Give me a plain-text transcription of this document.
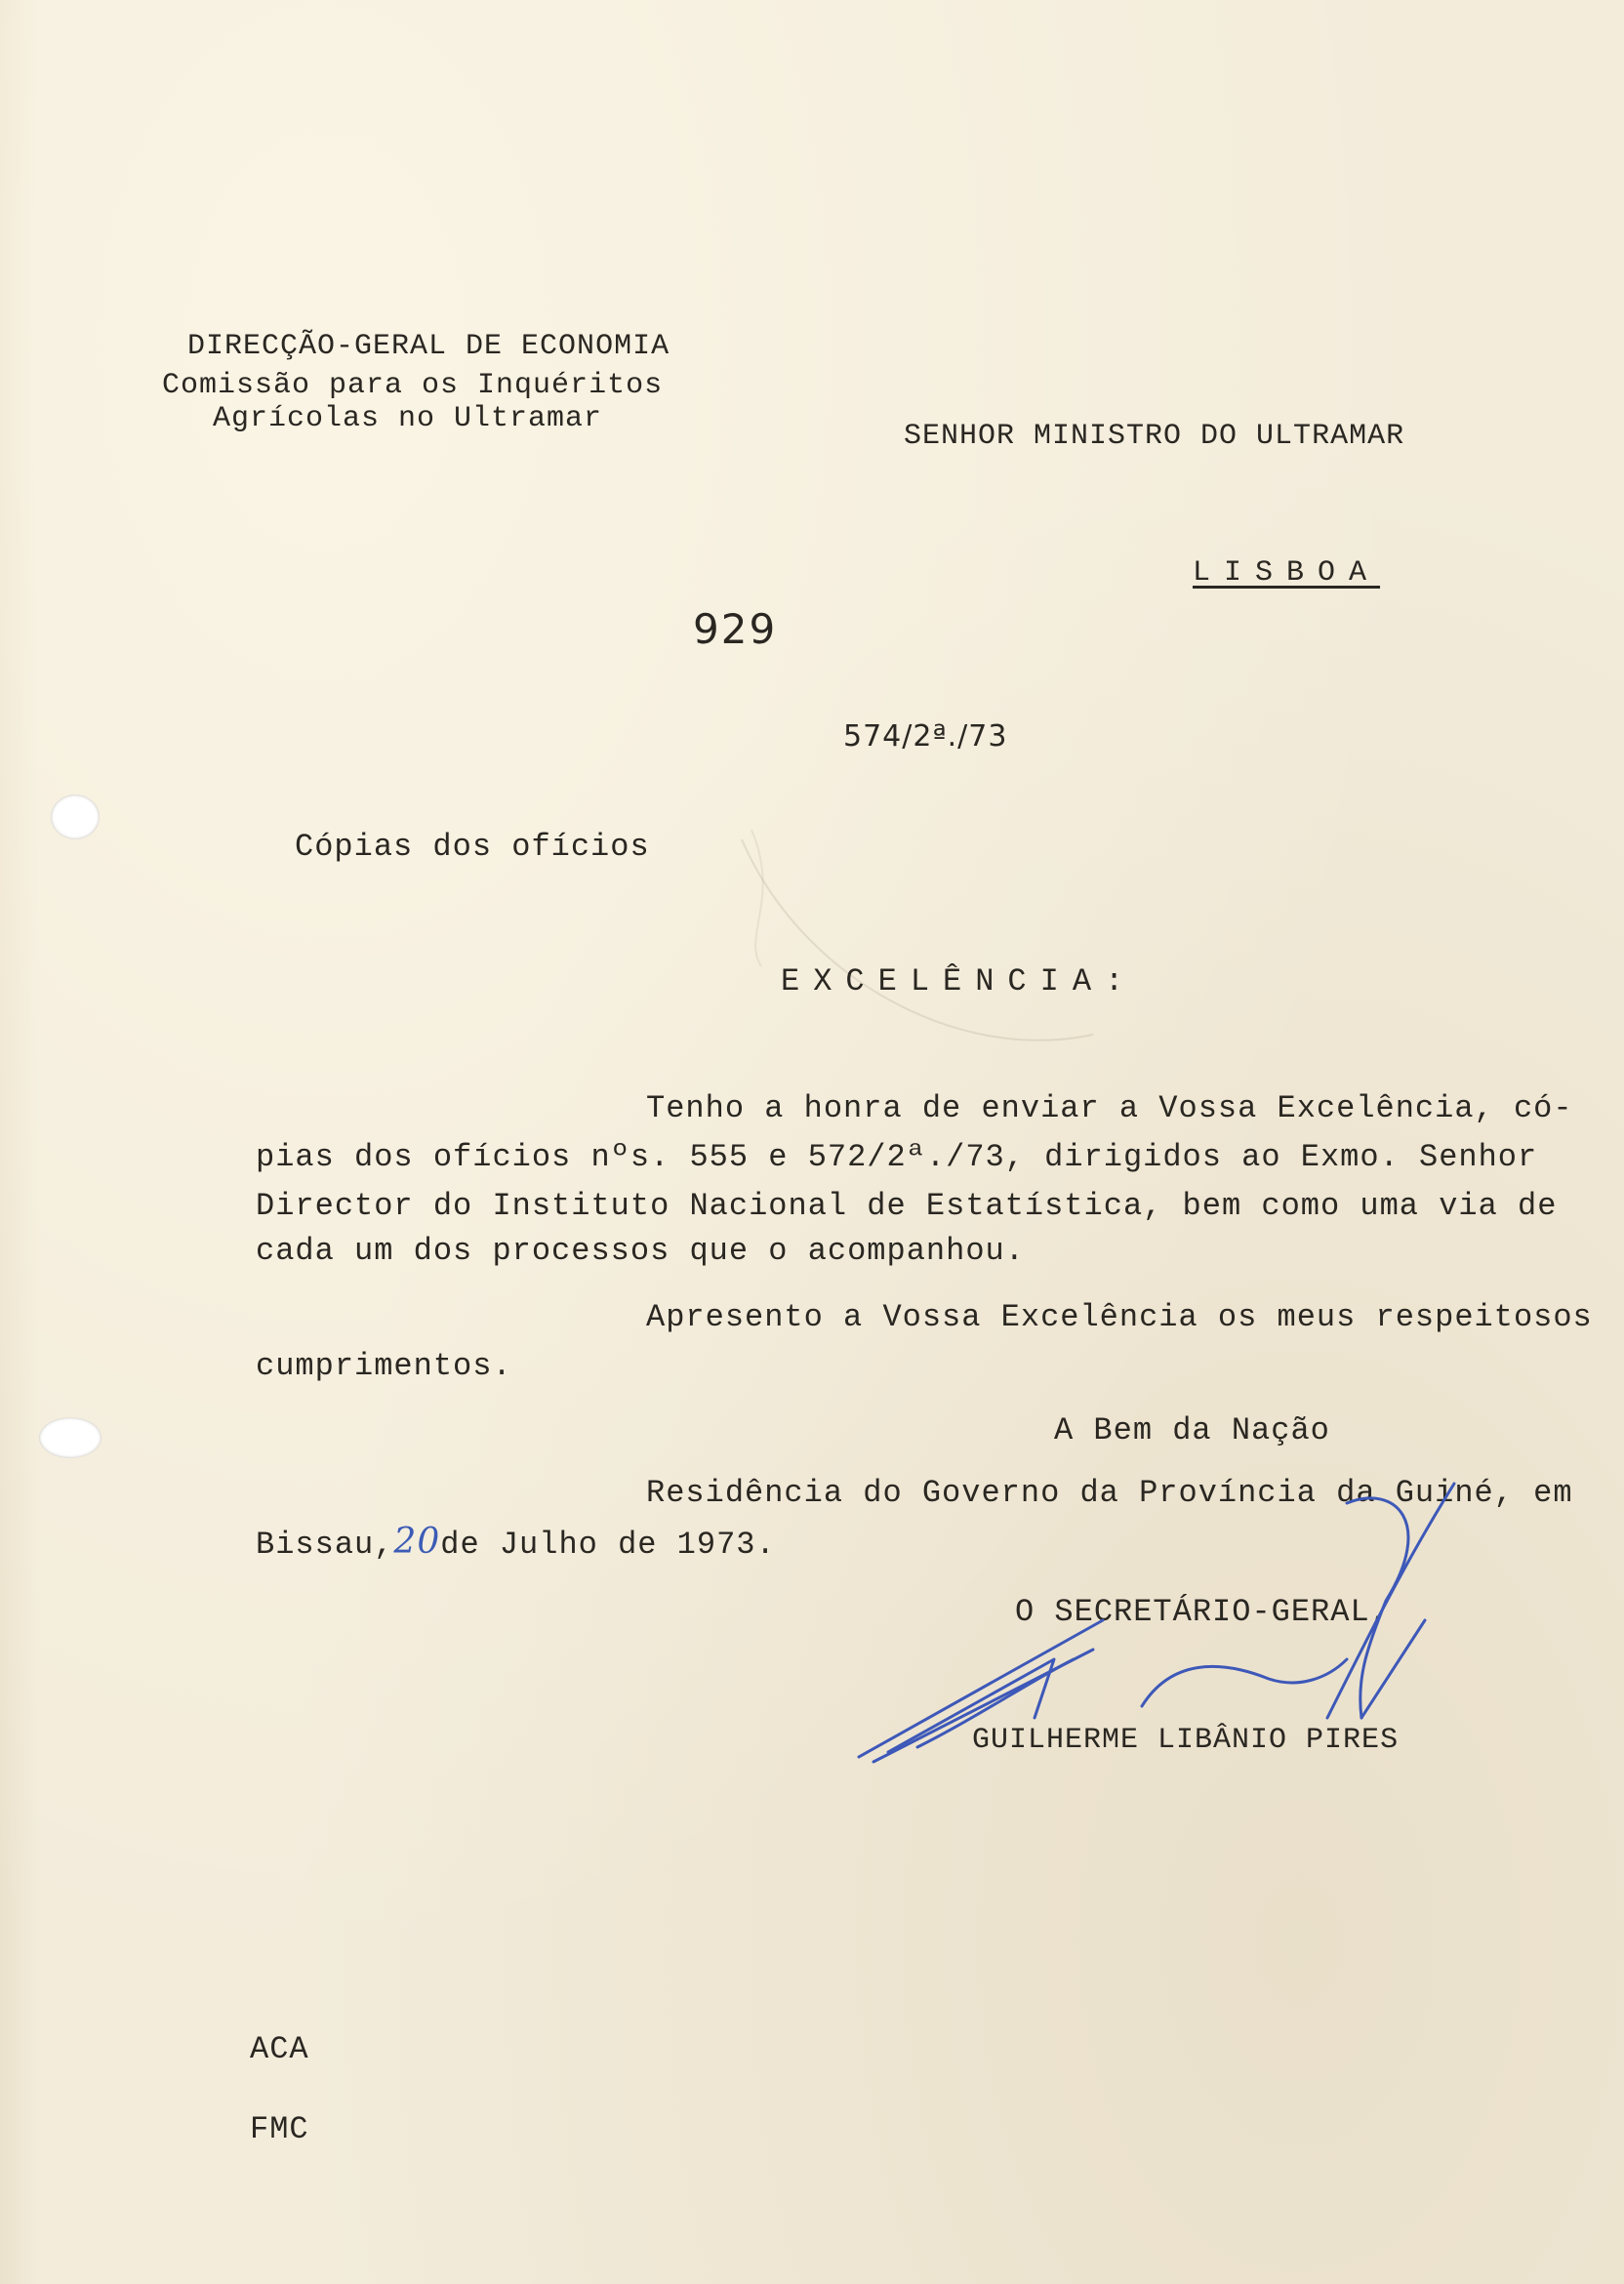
DIRECÇÃO-GERAL DE ECONOMIA
Comissão para os Inquéritos
Agrícolas no Ultramar
SENHOR MINISTRO DO ULTRAMAR
LISBOA
929
574/2ª./73
Cópias dos ofícios
EXCELÊNCIA:
Tenho a honra de enviar a Vossa Excelência, có-
pias dos ofícios nºs. 555 e 572/2ª./73, dirigidos ao Exmo. Senhor
Director do Instituto Nacional de Estatística, bem como uma via de
cada um dos processos que o acompanhou.
Apresento a Vossa Excelência os meus respeitosos
cumprimentos.
A Bem da Nação
Residência do Governo da Província da Guiné, em
Bissau,20de Julho de 1973.
O SECRETÁRIO-GERAL,
GUILHERME LIBÂNIO PIRES
ACA
FMC
